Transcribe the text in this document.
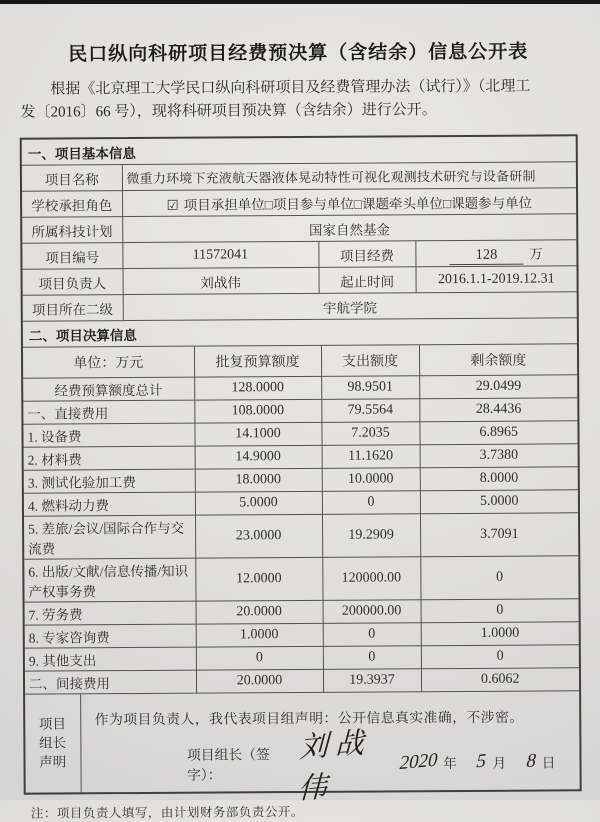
民口纵向科研项目经费预决算（含结余）信息公开表
根据《北京理工大学民口纵向科研项目及经费管理办法（试行）》（北理工
发〔2016〕66 号），现将科研项目预决算（含结余）进行公开。
一、项目基本信息
项目名称	微重力环境下充液航天器液体晃动特性可视化观测技术研究与设备研制		
学校承担角色	☑ 项目承担单位□项目参与单位□课题牵头单位□课题参与单位		
所属科技计划	国家自然基金		
项目编号	11572041	项目经费	128 万
项目负责人	刘战伟	起止时间	2016.1.1-2019.12.31
项目所在二级	宇航学院		
二、项目决算信息
单位：万元	批复预算额度	支出额度	剩余额度
经费预算额度总计	128.0000	98.9501	29.0499
一、直接费用	108.0000	79.5564	28.4436
1. 设备费	14.1000	7.2035	6.8965
2. 材料费	14.9000	11.1620	3.7380
3. 测试化验加工费	18.0000	10.0000	8.0000
4. 燃料动力费	5.0000	0	5.0000
5. 差旅/会议/国际合作与交流费	23.0000	19.2909	3.7091
6. 出版/文献/信息传播/知识产权事务费	12.0000	120000.00	0
7. 劳务费	20.0000	200000.00	0
8. 专家咨询费	1.0000	0	1.0000
9. 其他支出	0	0	0
二、间接费用	20.0000	19.3937	0.6062
项目
组长
声明

作为项目负责人，我代表项目组声明：公开信息真实准确，不涉密。
项目组长（签字）：
刘战伟
2020 年 5 月 8 日
注：项目负责人填写，由计划财务部负责公开。
